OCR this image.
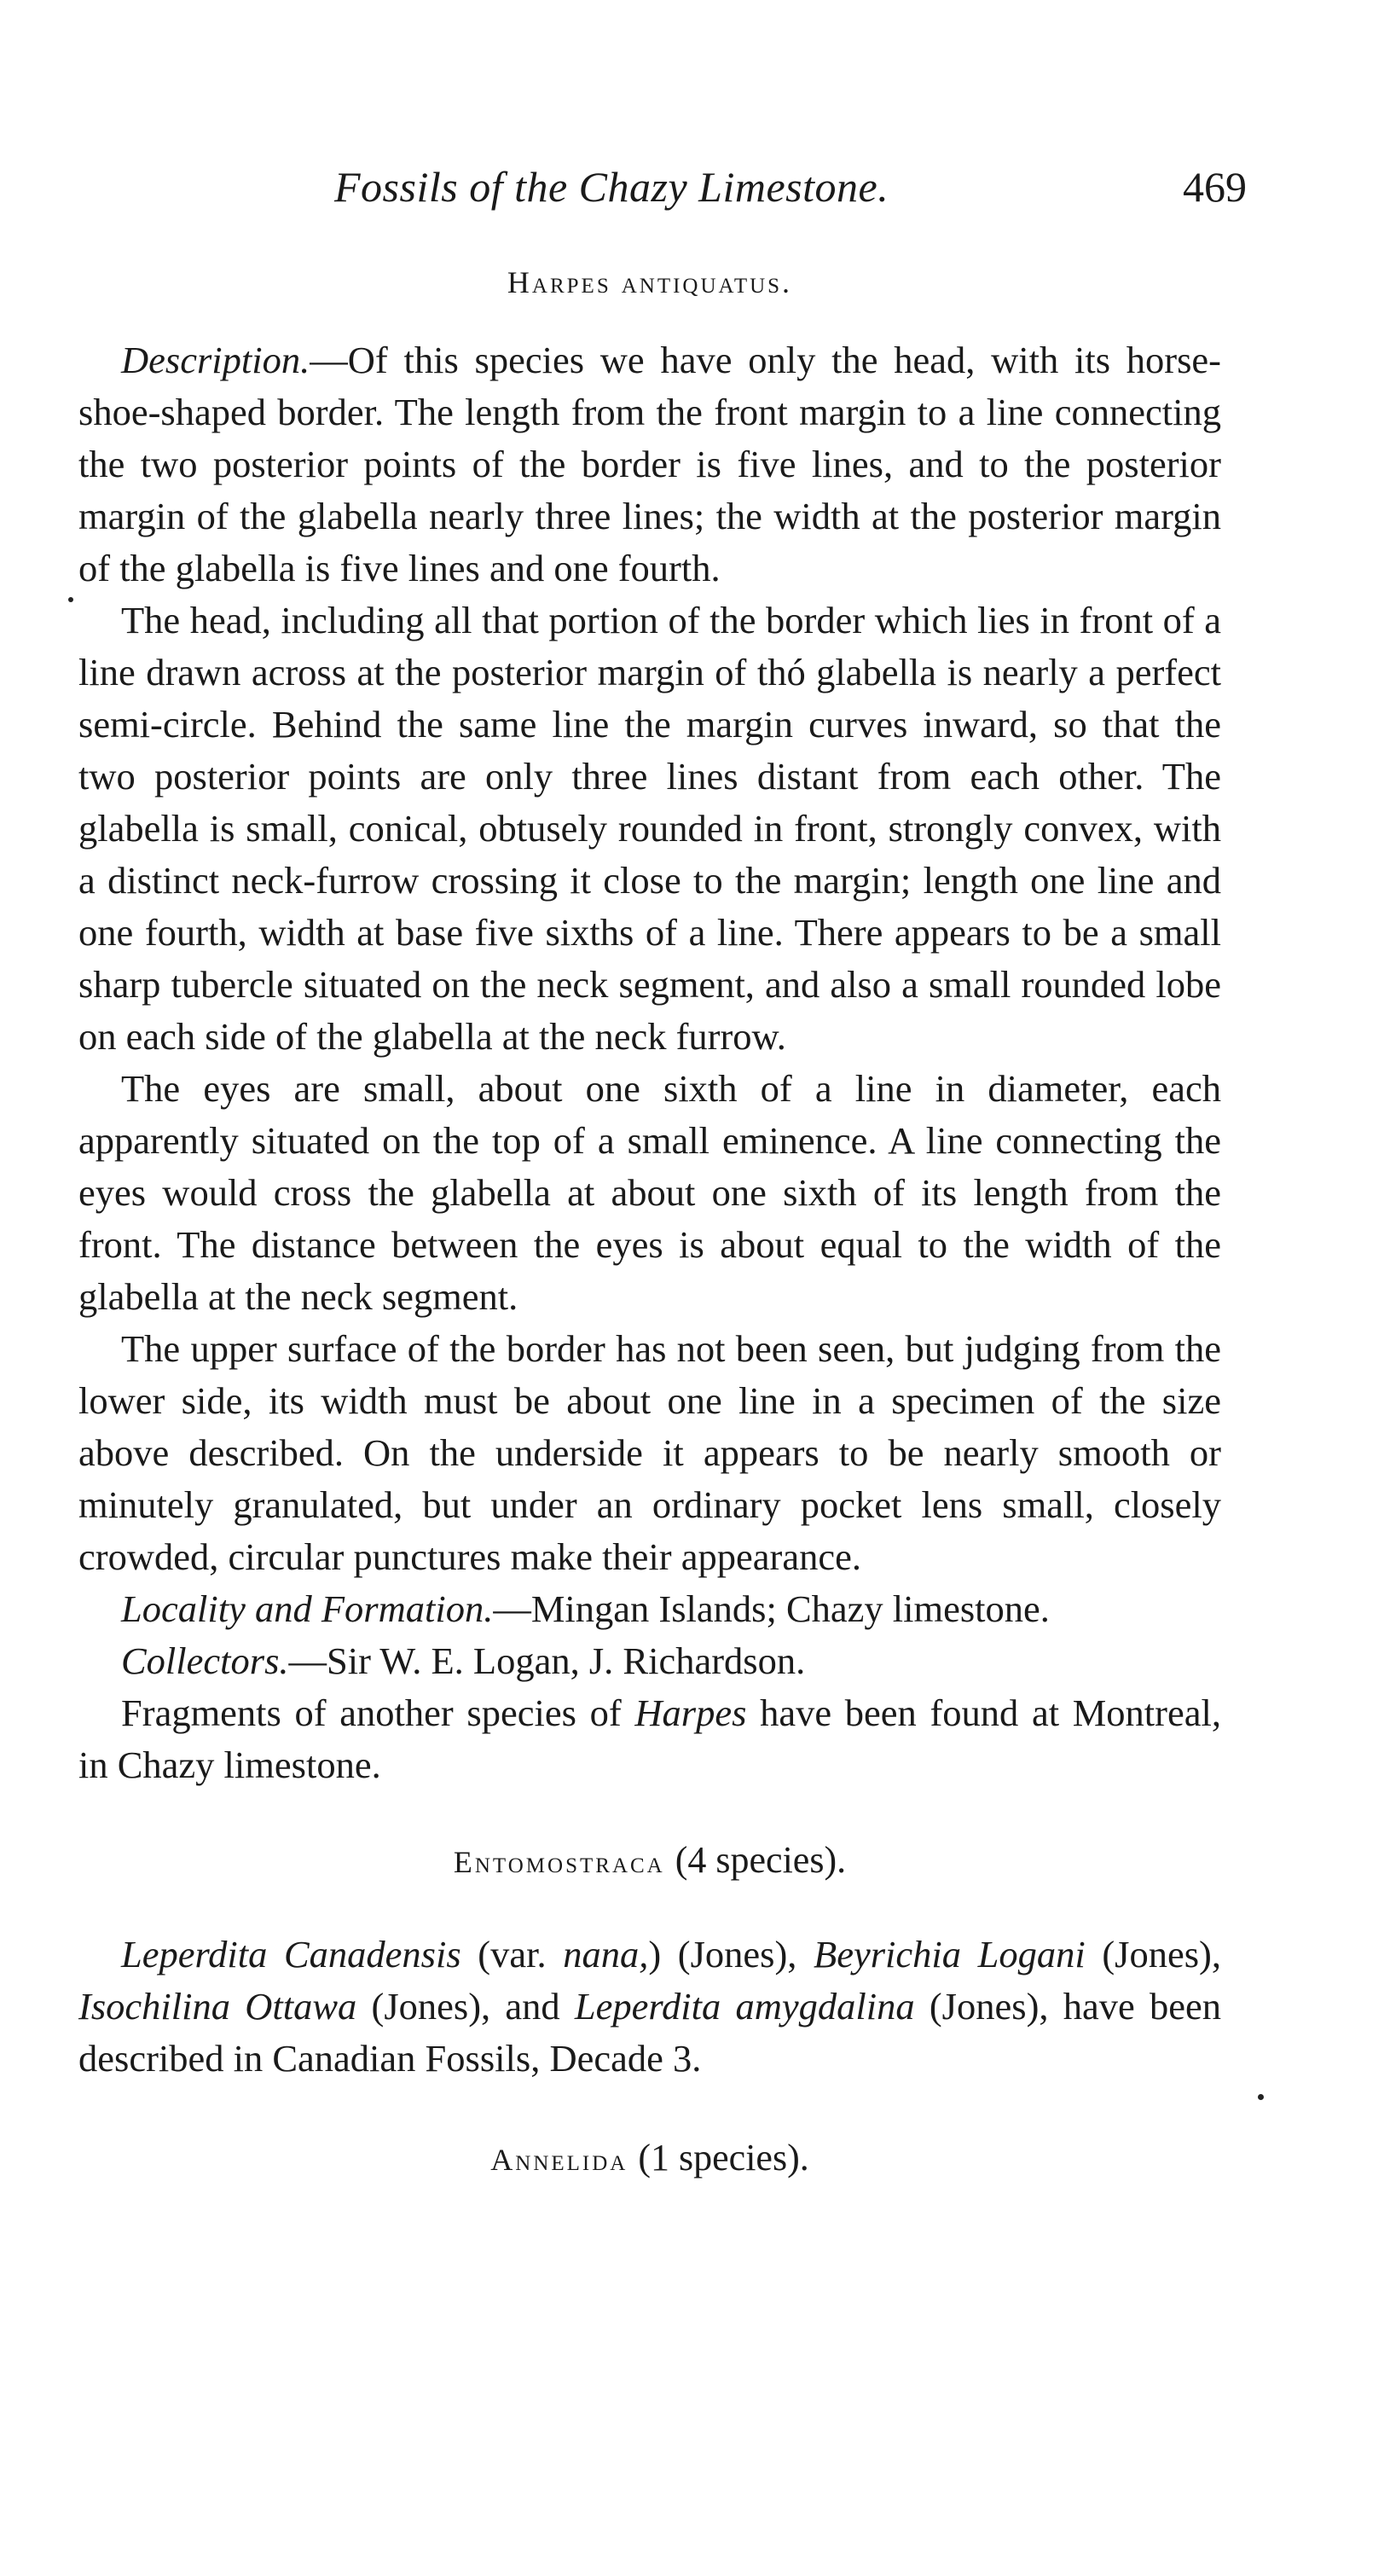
Fossils of the Chazy Limestone.	469
Harpes antiquatus.

Description.—Of this species we have only the head, with its horse-shoe-shaped border. The length from the front margin to a line connecting the two posterior points of the border is five lines, and to the posterior margin of the glabella nearly three lines; the width at the posterior margin of the glabella is five lines and one fourth.

The head, including all that portion of the border which lies in front of a line drawn across at the posterior margin of thó glabella is nearly a perfect semi-circle. Behind the same line the margin curves inward, so that the two posterior points are only three lines distant from each other. The glabella is small, conical, obtusely rounded in front, strongly convex, with a distinct neck-furrow crossing it close to the margin; length one line and one fourth, width at base five sixths of a line. There appears to be a small sharp tubercle situated on the neck segment, and also a small rounded lobe on each side of the glabella at the neck furrow.

The eyes are small, about one sixth of a line in diameter, each apparently situated on the top of a small eminence. A line connecting the eyes would cross the glabella at about one sixth of its length from the front. The distance between the eyes is about equal to the width of the glabella at the neck segment.

The upper surface of the border has not been seen, but judging from the lower side, its width must be about one line in a specimen of the size above described. On the underside it appears to be nearly smooth or minutely granulated, but under an ordinary pocket lens small, closely crowded, circular punctures make their appearance.

Locality and Formation.—Mingan Islands; Chazy limestone.

Collectors.—Sir W. E. Logan, J. Richardson.

Fragments of another species of Harpes have been found at Montreal, in Chazy limestone.

Entomostraca (4 species).

Leperdita Canadensis (var. nana,) (Jones), Beyrichia Logani (Jones), Isochilina Ottawa (Jones), and Leperdita amygdalina (Jones), have been described in Canadian Fossils, Decade 3.

Annelida (1 species).
